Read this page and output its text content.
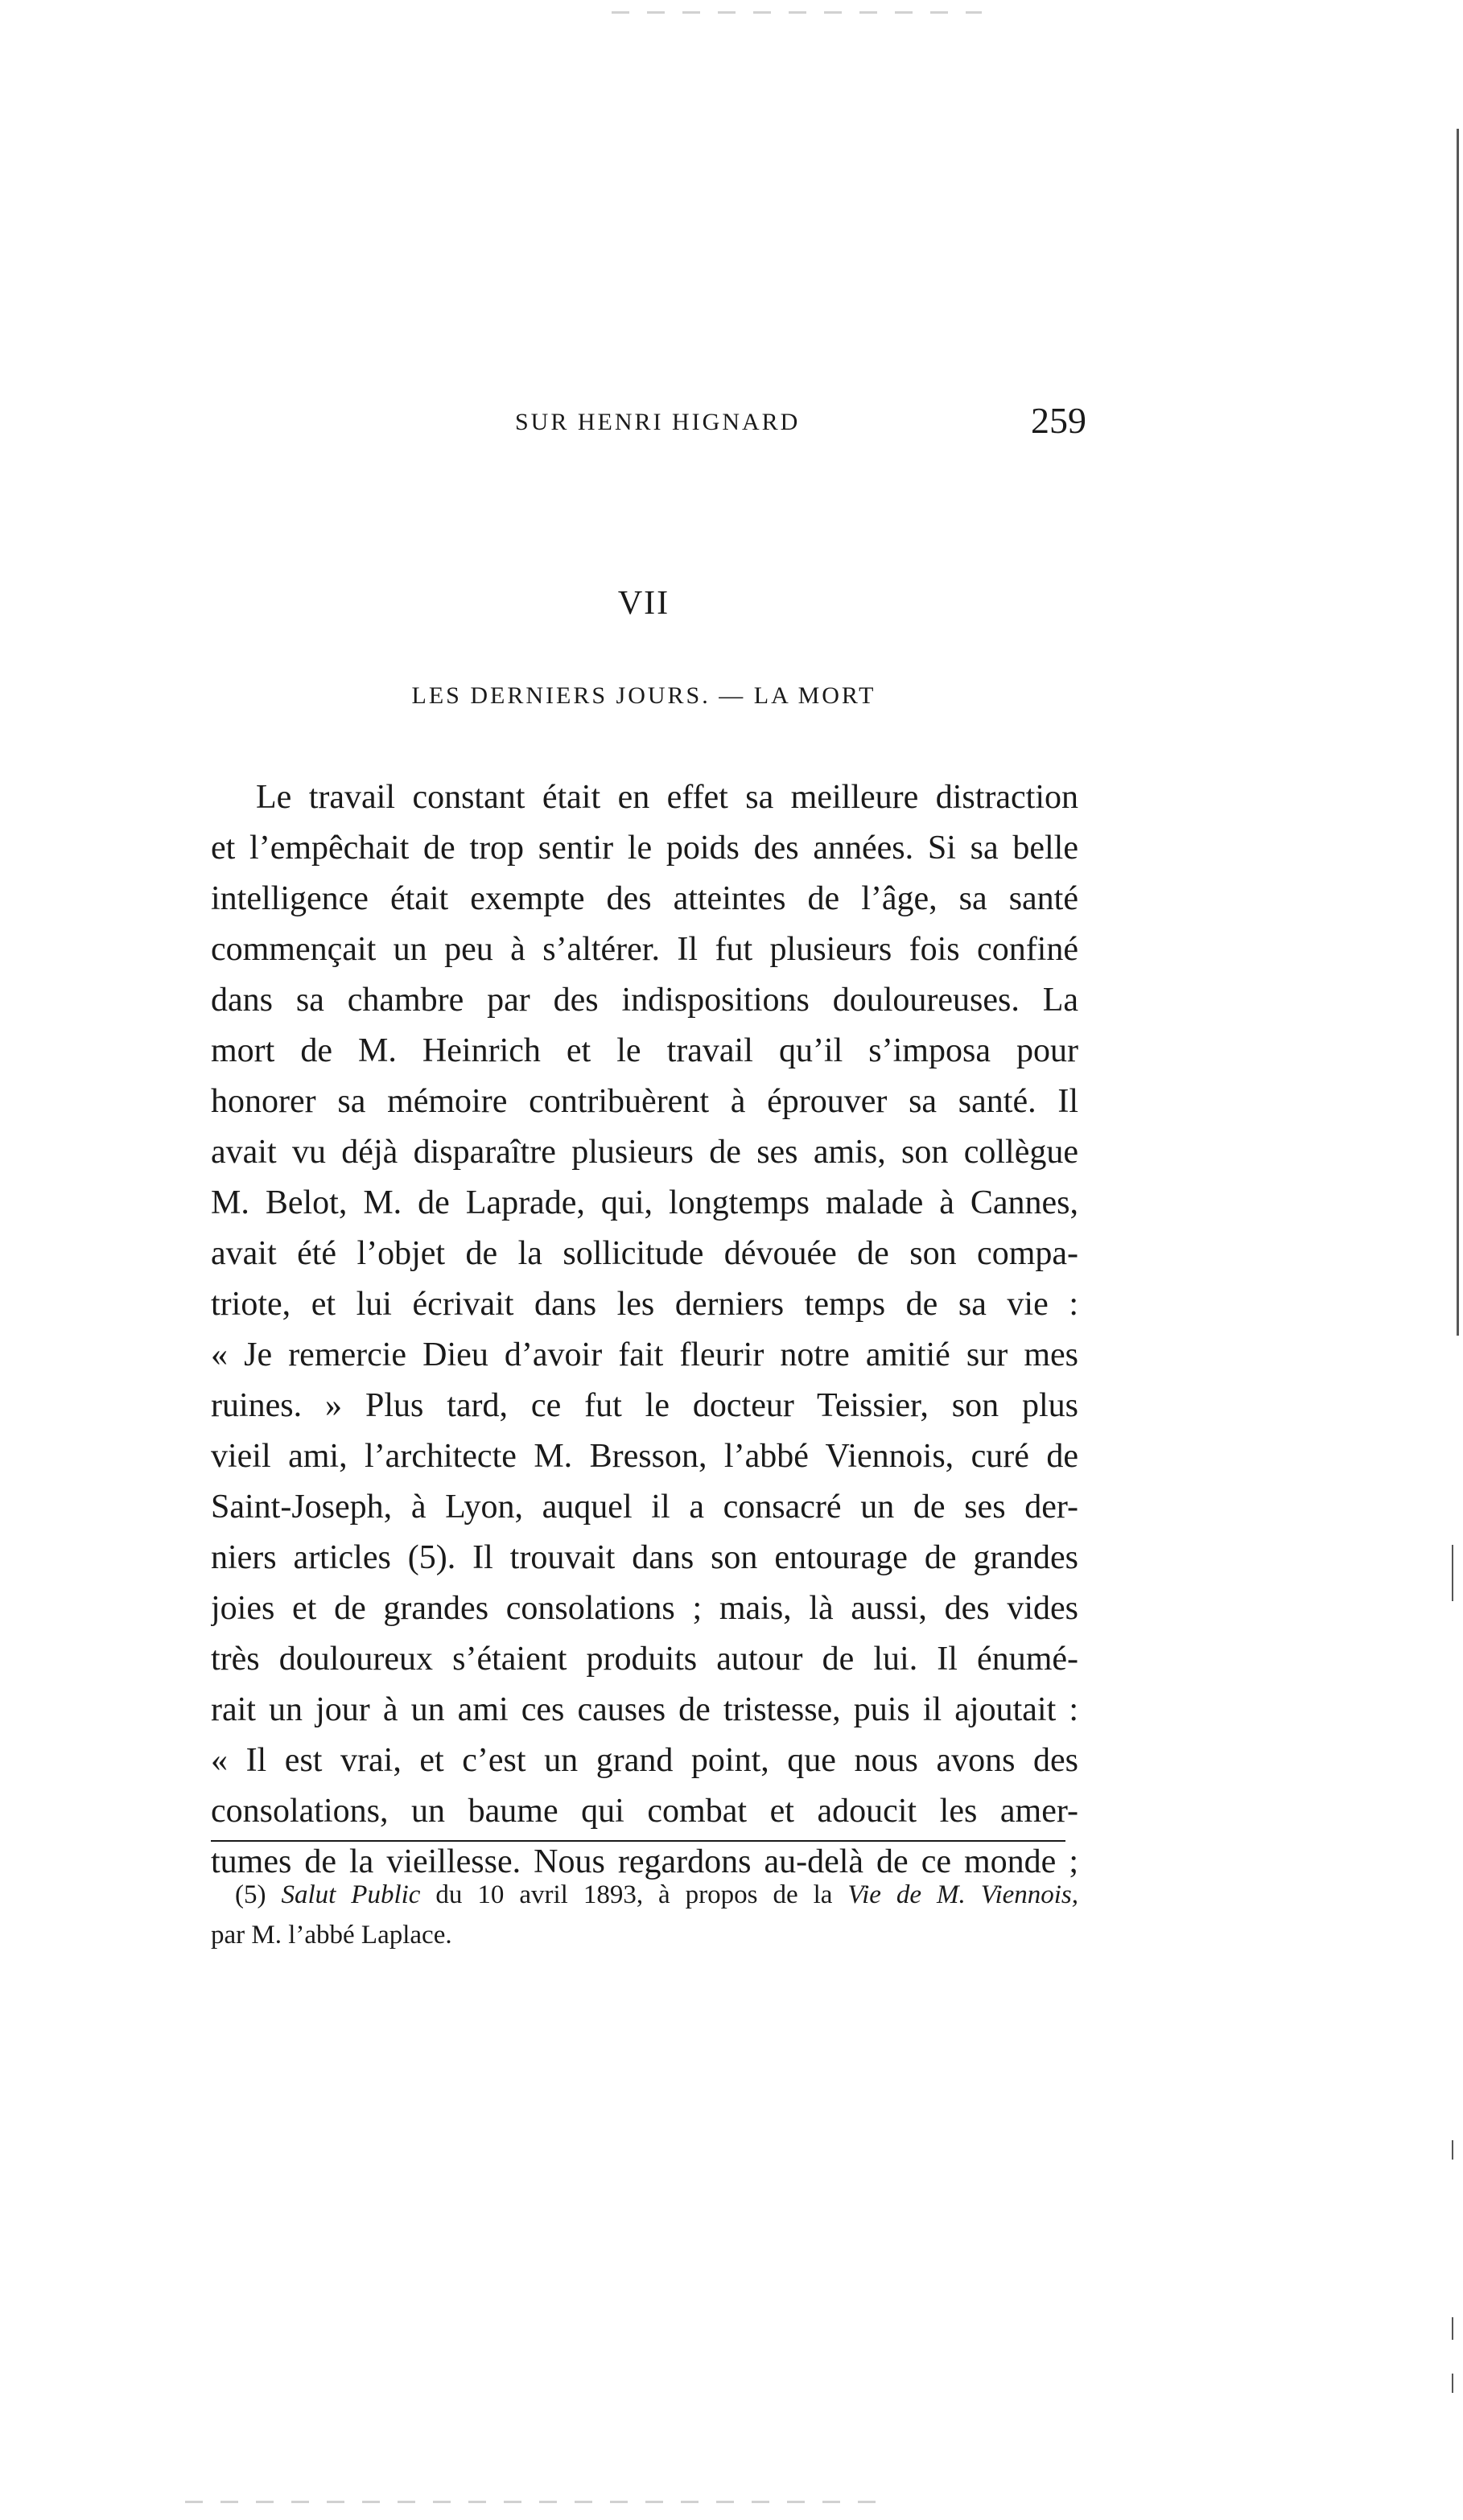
SUR HENRI HIGNARD	259
VII
LES DERNIERS JOURS. — LA MORT
Le travail constant était en effet sa meilleure distraction
et l’empêchait de trop sentir le poids des années. Si sa belle
intelligence était exempte des atteintes de l’âge, sa santé
commençait un peu à s’altérer. Il fut plusieurs fois confiné
dans sa chambre par des indispositions douloureuses. La
mort de M. Heinrich et le travail qu’il s’imposa pour
honorer sa mémoire contribuèrent à éprouver sa santé. Il
avait vu déjà disparaître plusieurs de ses amis, son collègue
M. Belot, M. de Laprade, qui, longtemps malade à Cannes,
avait été l’objet de la sollicitude dévouée de son compa-
triote, et lui écrivait dans les derniers temps de sa vie :
« Je remercie Dieu d’avoir fait fleurir notre amitié sur mes
ruines. » Plus tard, ce fut le docteur Teissier, son plus
vieil ami, l’architecte M. Bresson, l’abbé Viennois, curé de
Saint-Joseph, à Lyon, auquel il a consacré un de ses der-
niers articles (5). Il trouvait dans son entourage de grandes
joies et de grandes consolations ; mais, là aussi, des vides
très douloureux s’étaient produits autour de lui. Il énumé-
rait un jour à un ami ces causes de tristesse, puis il ajoutait :
« Il est vrai, et c’est un grand point, que nous avons des
consolations, un baume qui combat et adoucit les amer-
tumes de la vieillesse. Nous regardons au-delà de ce monde ;
(5) Salut Public du 10 avril 1893, à propos de la Vie de M. Viennois,
par M. l’abbé Laplace.
